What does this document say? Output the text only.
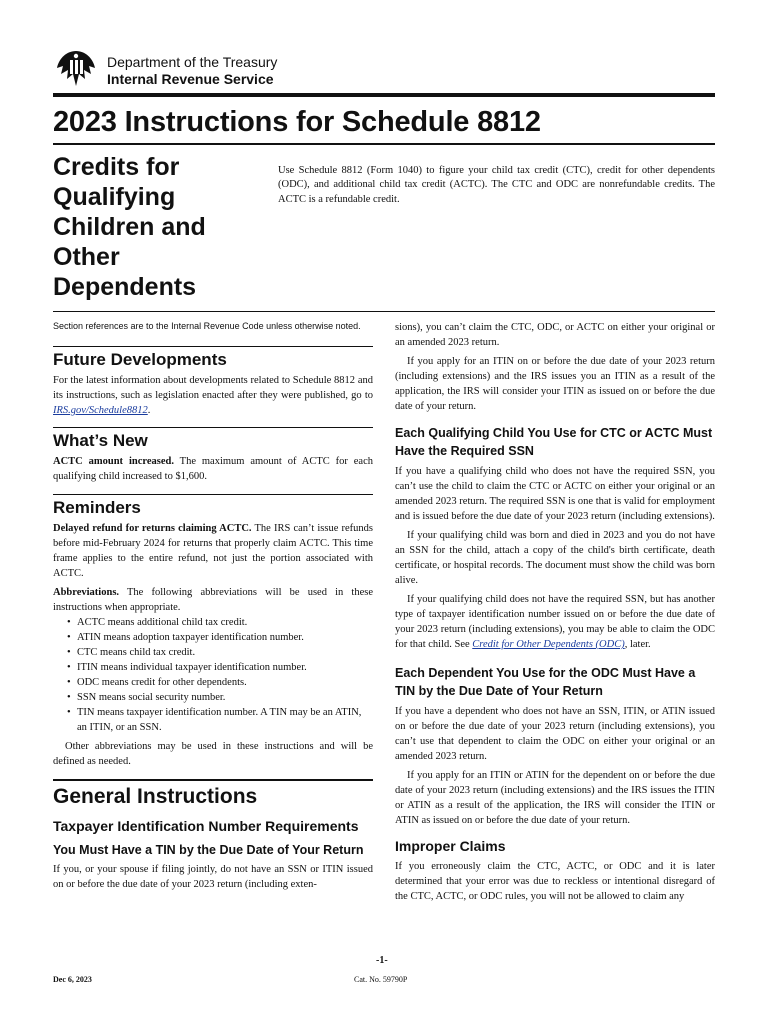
Department of the Treasury
Internal Revenue Service
2023 Instructions for Schedule 8812
Credits for Qualifying Children and Other Dependents

Use Schedule 8812 (Form 1040) to figure your child tax credit (CTC), credit for other dependents (ODC), and additional child tax credit (ACTC). The CTC and ODC are nonrefundable credits. The ACTC is a refundable credit.

Section references are to the Internal Revenue Code unless otherwise noted.

Future Developments

For the latest information about developments related to Schedule 8812 and its instructions, such as legislation enacted after they were published, go to IRS.gov/Schedule8812.

What’s New

ACTC amount increased. The maximum amount of ACTC for each qualifying child increased to $1,600.

Reminders

Delayed refund for returns claiming ACTC. The IRS can’t issue refunds before mid-February 2024 for returns that properly claim ACTC. This time frame applies to the entire refund, not just the portion associated with ACTC.

Abbreviations. The following abbreviations will be used in these instructions when appropriate.

• ACTC means additional child tax credit.
• ATIN means adoption taxpayer identification number.
• CTC means child tax credit.
• ITIN means individual taxpayer identification number.
• ODC means credit for other dependents.
• SSN means social security number.
• TIN means taxpayer identification number. A TIN may be an ATIN, an ITIN, or an SSN.

Other abbreviations may be used in these instructions and will be defined as needed.

General Instructions
Taxpayer Identification Number Requirements
You Must Have a TIN by the Due Date of Your Return

If you, or your spouse if filing jointly, do not have an SSN or ITIN issued on or before the due date of your 2023 return (including exten-

sions), you can’t claim the CTC, ODC, or ACTC on either your original or an amended 2023 return.

If you apply for an ITIN on or before the due date of your 2023 return (including extensions) and the IRS issues you an ITIN as a result of the application, the IRS will consider your ITIN as issued on or before the due date of your return.

Each Qualifying Child You Use for CTC or ACTC Must Have the Required SSN

If you have a qualifying child who does not have the required SSN, you can’t use the child to claim the CTC or ACTC on either your original or an amended 2023 return. The required SSN is one that is valid for employment and is issued before the due date of your 2023 return (including extensions).

If your qualifying child was born and died in 2023 and you do not have an SSN for the child, attach a copy of the child's birth certificate, death certificate, or hospital records. The document must show the child was born alive.

If your qualifying child does not have the required SSN, but has another type of taxpayer identification number issued on or before the due date of your 2023 return (including extensions), you may be able to claim the ODC for that child. See Credit for Other Dependents (ODC), later.

Each Dependent You Use for the ODC Must Have a TIN by the Due Date of Your Return

If you have a dependent who does not have an SSN, ITIN, or ATIN issued on or before the due date of your 2023 return (including extensions), you can’t use that dependent to claim the ODC on either your original or an amended 2023 return.

If you apply for an ITIN or ATIN for the dependent on or before the due date of your 2023 return (including extensions) and the IRS issues the ITIN or ATIN as a result of the application, the IRS will consider the ITIN or ATIN as issued on or before the due date of your return.

Improper Claims

If you erroneously claim the CTC, ACTC, or ODC and it is later determined that your error was due to reckless or intentional disregard of the CTC, ACTC, or ODC rules, you will not be allowed to claim any

-1-
Dec 6, 2023	Cat. No. 59790P
